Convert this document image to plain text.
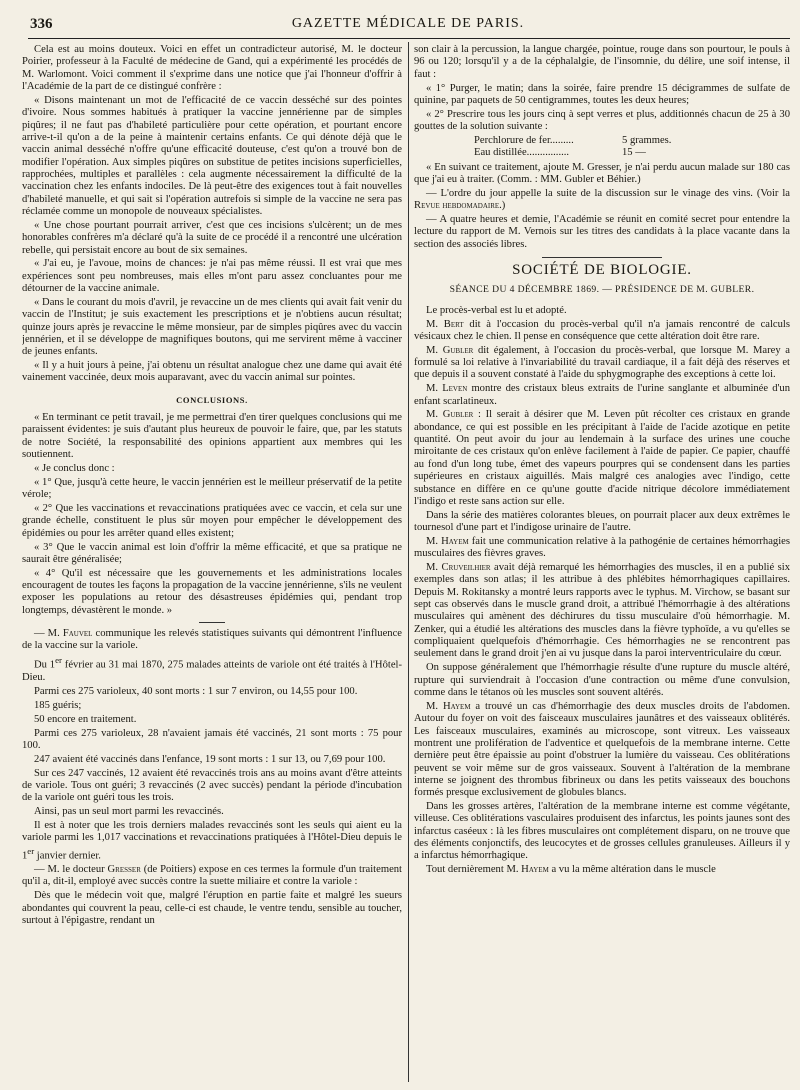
336	GAZETTE MÉDICALE DE PARIS.

Cela est au moins douteux. Voici en effet un contradicteur autorisé, M. le docteur Poirier, professeur à la Faculté de médecine de Gand, qui a expérimenté les procédés de M. Warlomont. Voici comment il s'exprime dans une notice que j'ai l'honneur d'offrir à l'Académie de la part de ce distingué confrère :

« Disons maintenant un mot de l'efficacité de ce vaccin desséché sur des pointes d'ivoire. Nous sommes habitués à pratiquer la vaccine jennérienne par de simples piqûres; il ne faut pas d'habileté particulière pour cette opération, et pourtant encore arrive-t-il qu'on a de la peine à maintenir certains enfants. Ce qui dénote déjà que le vaccin animal desséché n'offre qu'une efficacité douteuse, c'est qu'on a trouvé bon de modifier l'opération. Aux simples piqûres on substitue de petites incisions superficielles, rapprochées, multiples et parallèles : cela augmente nécessairement la difficulté de la vaccination chez les enfants indociles. De là peut-être des exigences tout à fait nouvelles d'habileté manuelle, et qui sait si l'opération autrefois si simple de la vaccine ne sera pas réclamée comme un monopole de nouveaux spécialistes.

« Une chose pourtant pourrait arriver, c'est que ces incisions s'ulcèrent; un de mes honorables confrères m'a déclaré qu'à la suite de ce procédé il a rencontré une ulcération rebelle, qui persistait encore au bout de six semaines.

« J'ai eu, je l'avoue, moins de chances: je n'ai pas même réussi. Il est vrai que mes expériences sont peu nombreuses, mais elles m'ont paru assez concluantes pour me détourner de la vaccine animale.

« Dans le courant du mois d'avril, je revaccine un de mes clients qui avait fait venir du vaccin de l'Institut; je suis exactement les prescriptions et je n'obtiens aucun résultat; quinze jours après je revaccine le même monsieur, par de simples piqûres avec du vaccin jennérien, et il se développe de magnifiques boutons, qui me servirent même à vacciner de jeunes enfants.

« Il y a huit jours à peine, j'ai obtenu un résultat analogue chez une dame qui avait été vainement vaccinée, deux mois auparavant, avec du vaccin animal sur pointes.

CONCLUSIONS.

« En terminant ce petit travail, je me permettrai d'en tirer quelques conclusions qui me paraissent évidentes: je suis d'autant plus heureux de pouvoir le faire, que, par les statuts de notre Société, la responsabilité des opinions appartient aux membres qui les soutiennent.

« Je conclus donc :

« 1° Que, jusqu'à cette heure, le vaccin jennérien est le meilleur préservatif de la petite vérole;

« 2° Que les vaccinations et revaccinations pratiquées avec ce vaccin, et cela sur une grande échelle, constituent le plus sûr moyen pour empêcher le développement des épidémies ou pour les arrêter quand elles existent;

« 3° Que le vaccin animal est loin d'offrir la même efficacité, et que sa pratique ne saurait être généralisée;

« 4° Qu'il est nécessaire que les gouvernements et les administrations locales encouragent de toutes les façons la propagation de la vaccine jennérienne, s'ils ne veulent exposer les populations au retour des désastreuses épidémies qui, pendant trop longtemps, dévastèrent le monde. »

— M. Fauvel communique les relevés statistiques suivants qui démontrent l'influence de la vaccine sur la variole.

Du 1er février au 31 mai 1870, 275 malades atteints de variole ont été traités à l'Hôtel-Dieu.

Parmi ces 275 varioleux, 40 sont morts : 1 sur 7 environ, ou 14,55 pour 100.

185 guéris;

50 encore en traitement.

Parmi ces 275 varioleux, 28 n'avaient jamais été vaccinés, 21 sont morts : 75 pour 100.

247 avaient été vaccinés dans l'enfance, 19 sont morts : 1 sur 13, ou 7,69 pour 100.

Sur ces 247 vaccinés, 12 avaient été revaccinés trois ans au moins avant d'être atteints de variole. Tous ont guéri; 3 revaccinés (2 avec succès) pendant la période d'incubation de la variole ont guéri tous les trois.

Ainsi, pas un seul mort parmi les revaccinés.

Il est à noter que les trois derniers malades revaccinés sont les seuls qui aient eu la variole parmi les 1,017 vaccinations et revaccinations pratiquées à l'Hôtel-Dieu depuis le 1er janvier dernier.

— M. le docteur Gresser (de Poitiers) expose en ces termes la formule d'un traitement qu'il a, dit-il, employé avec succès contre la suette miliaire et contre la variole :

Dès que le médecin voit que, malgré l'éruption en partie faite et malgré les sueurs abondantes qui couvrent la peau, celle-ci est chaude, le ventre tendu, sensible au toucher, surtout à l'épigastre, rendant un

son clair à la percussion, la langue chargée, pointue, rouge dans son pourtour, le pouls à 96 ou 120; lorsqu'il y a de la céphalalgie, de l'insomnie, du délire, une soif intense, il faut :

« 1° Purger, le matin; dans la soirée, faire prendre 15 décigrammes de sulfate de quinine, par paquets de 50 centigrammes, toutes les deux heures;

« 2° Prescrire tous les jours cinq à sept verres et plus, additionnés chacun de 25 à 30 gouttes de la solution suivante :

Perchlorure de fer.........	5 grammes.
Eau distillée................	15 —

« En suivant ce traitement, ajoute M. Gresser, je n'ai perdu aucun malade sur 180 cas que j'ai eu à traiter. (Comm. : MM. Gubler et Béhier.)

— L'ordre du jour appelle la suite de la discussion sur le vinage des vins. (Voir la Revue hebdomadaire.)

— A quatre heures et demie, l'Académie se réunit en comité secret pour entendre la lecture du rapport de M. Vernois sur les titres des candidats à la place vacante dans la section des associés libres.

SOCIÉTÉ DE BIOLOGIE.
SÉANCE DU 4 DÉCEMBRE 1869. — PRÉSIDENCE DE M. GUBLER.

Le procès-verbal est lu et adopté.

M. Bert dit à l'occasion du procès-verbal qu'il n'a jamais rencontré de calculs vésicaux chez le chien. Il pense en conséquence que cette altération doit être rare.

M. Gubler dit également, à l'occasion du procès-verbal, que lorsque M. Marey a formulé sa loi relative à l'invariabilité du travail cardiaque, il a fait déjà des réserves et que depuis il a souvent constaté à l'aide du sphygmographe des exceptions à cette loi.

M. Leven montre des cristaux bleus extraits de l'urine sanglante et albuminée d'un enfant scarlatineux.

M. Gubler : Il serait à désirer que M. Leven pût récolter ces cristaux en grande abondance, ce qui est possible en les précipitant à l'aide de l'acide azotique en petite quantité. On peut avoir du jour au lendemain à la surface des urines une couche miroitante de ces cristaux qu'on enlève facilement à l'aide de papier. Ce papier, chauffé au fond d'un long tube, émet des vapeurs pourpres qui se condensent dans les parties supérieures en cristaux aiguillés. Mais malgré ces analogies avec l'indigo, cette substance en diffère en ce qu'une goutte d'acide nitrique décolore immédiatement l'indigo et reste sans action sur elle.

Dans la série des matières colorantes bleues, on pourrait placer aux deux extrêmes le tournesol d'une part et l'indigose urinaire de l'autre.

M. Hayem fait une communication relative à la pathogénie de certaines hémorrhagies musculaires des fièvres graves.

M. Cruveilhier avait déjà remarqué les hémorrhagies des muscles, il en a publié six exemples dans son atlas; il les attribue à des phlébites hémorrhagiques capillaires. Depuis M. Rokitansky a montré leurs rapports avec le typhus. M. Virchow, se basant sur sept cas observés dans le muscle grand droit, a attribué l'hémorrhagie à des altérations musculaires qui amènent des déchirures du tissu musculaire d'où hémorrhagie. M. Zenker, qui a étudié les altérations des muscles dans la fièvre typhoïde, a vu qu'elles se compliquaient quelquefois d'hémorrhagie. Ces hémorrhagies ne se rencontrent pas seulement dans le grand droit j'en ai vu jusque dans la paroi interventriculaire du cœur.

On suppose généralement que l'hémorrhagie résulte d'une rupture du muscle altéré, rupture qui surviendrait à l'occasion d'une contraction ou même d'une convulsion, comme dans le tétanos où les muscles sont souvent altérés.

M. Hayem a trouvé un cas d'hémorrhagie des deux muscles droits de l'abdomen. Autour du foyer on voit des faisceaux musculaires jaunâtres et des vaisseaux oblitérés. Les faisceaux musculaires, examinés au microscope, sont vitreux. Les vaisseaux montrent une prolifération de l'adventice et quelquefois de la membrane interne. Cette dernière peut être épaissie au point d'obstruer la lumière du vaisseau. Ces oblitérations peuvent se voir même sur de gros vaisseaux. Souvent à l'altération de la membrane interne se joignent des thrombus fibrineux ou dans les petits vaisseaux des bouchons formés presque exclusivement de globules blancs.

Dans les grosses artères, l'altération de la membrane interne est comme végétante, villeuse. Ces oblitérations vasculaires produisent des infarctus, les points jaunes sont des infarctus caséeux : là les fibres musculaires ont complétement disparu, on ne trouve que des éléments conjonctifs, des leucocytes et de grosses cellules granuleuses. Ailleurs il y a infarctus hémorrhagique.

Tout dernièrement M. Hayem a vu la même altération dans le muscle
